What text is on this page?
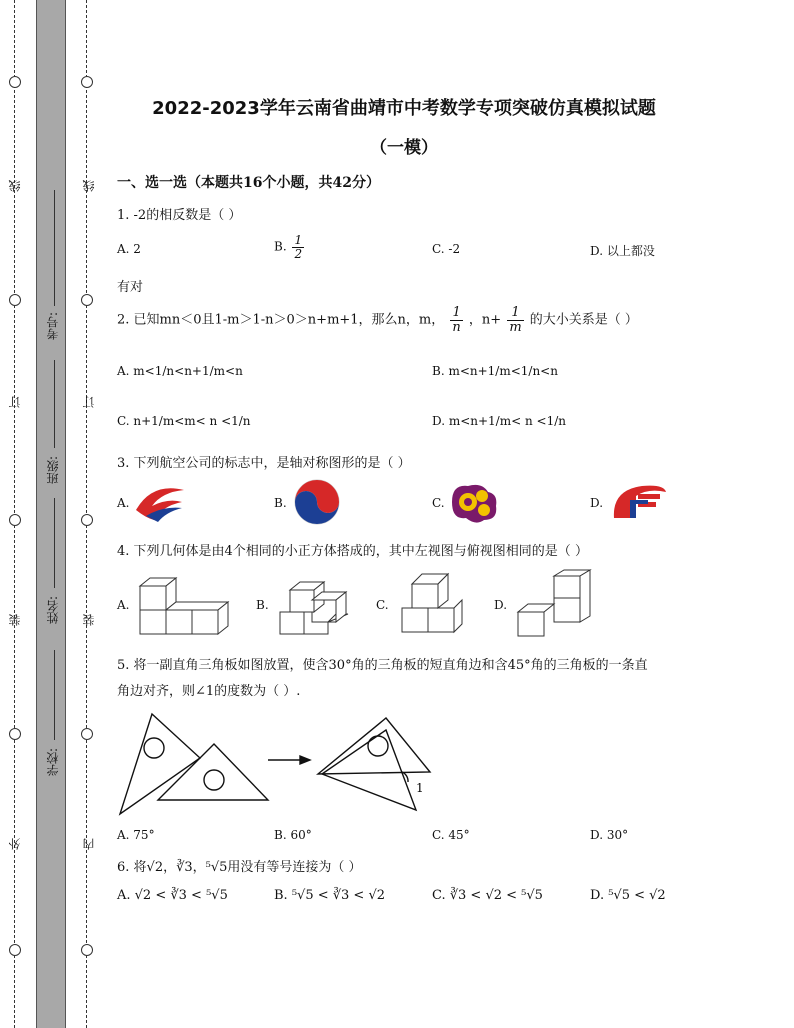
外
装
订
线
内
装
订
线
学校:
姓名:
班级:
考号:
2022-2023学年云南省曲靖市中考数学专项突破仿真模拟试题
（一模）
一、选一选（本题共16个小题，共42分）
1. -2的相反数是（ ）
A. 2	B. $\frac{1}{2}$	C. -2	D. 以上都没
有对
2. 已知mn＜0且1-m＞1-n＞0＞n+m+1，那么n，m， $\frac{1}{n}$ ，$n+ \frac{1}{m}$ 的大小关系是（ ）
A. m<1/n<n+1/m<n	B. m<n+1/m<1/n<n
C. n+1/m<m< n <1/n	D. m<n+1/m< n <1/n
3. 下列航空公司的标志中，是轴对称图形的是（ ）
A.	B.	C.	D.
4. 下列几何体是由4个相同的小正方体搭成的，其中左视图与俯视图相同的是（ ）
A.	B.	C.	D.
5. 将一副直角三角板如图放置，使含30°角的三角板的短直角边和含45°角的三角板的一条直
角边对齐，则∠1的度数为（ ）.
1
A. 75°	B. 60°	C. 45°	D. 30°
6. 将√2，∛3，⁵√5用没有等号连接为（ ）
A. √2 < ∛3 < ⁵√5	B. ⁵√5 < ∛3 < √2	C. ∛3 < √2 < ⁵√5	D. ⁵√5 < √2
